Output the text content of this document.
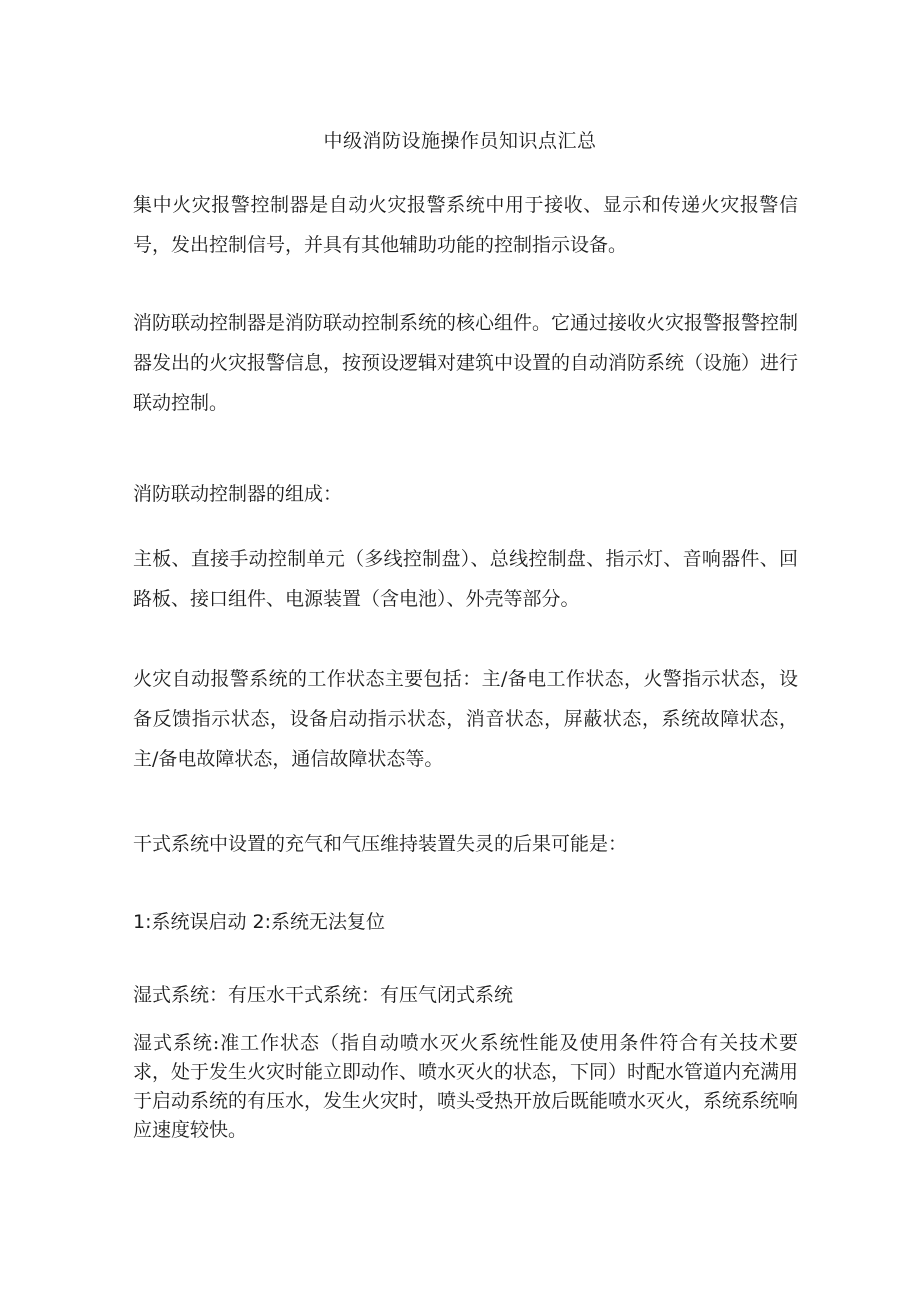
中级消防设施操作员知识点汇总
集中火灾报警控制器是自动火灾报警系统中用于接收、显示和传递火灾报警信号，发出控制信号，并具有其他辅助功能的控制指示设备。
消防联动控制器是消防联动控制系统的核心组件。它通过接收火灾报警报警控制器发出的火灾报警信息，按预设逻辑对建筑中设置的自动消防系统（设施）进行联动控制。
消防联动控制器的组成：
主板、直接手动控制单元（多线控制盘）、总线控制盘、指示灯、音响器件、回路板、接口组件、电源装置（含电池）、外壳等部分。
火灾自动报警系统的工作状态主要包括：主/备电工作状态，火警指示状态，设备反馈指示状态，设备启动指示状态，消音状态，屏蔽状态，系统故障状态，主/备电故障状态，通信故障状态等。
干式系统中设置的充气和气压维持装置失灵的后果可能是：
1:系统误启动 2:系统无法复位
湿式系统：有压水干式系统：有压气闭式系统
湿式系统:准工作状态（指自动喷水灭火系统性能及使用条件符合有关技术要求，处于发生火灾时能立即动作、喷水灭火的状态，下同）时配水管道内充满用于启动系统的有压水，发生火灾时，喷头受热开放后既能喷水灭火，系统系统响应速度较快。
